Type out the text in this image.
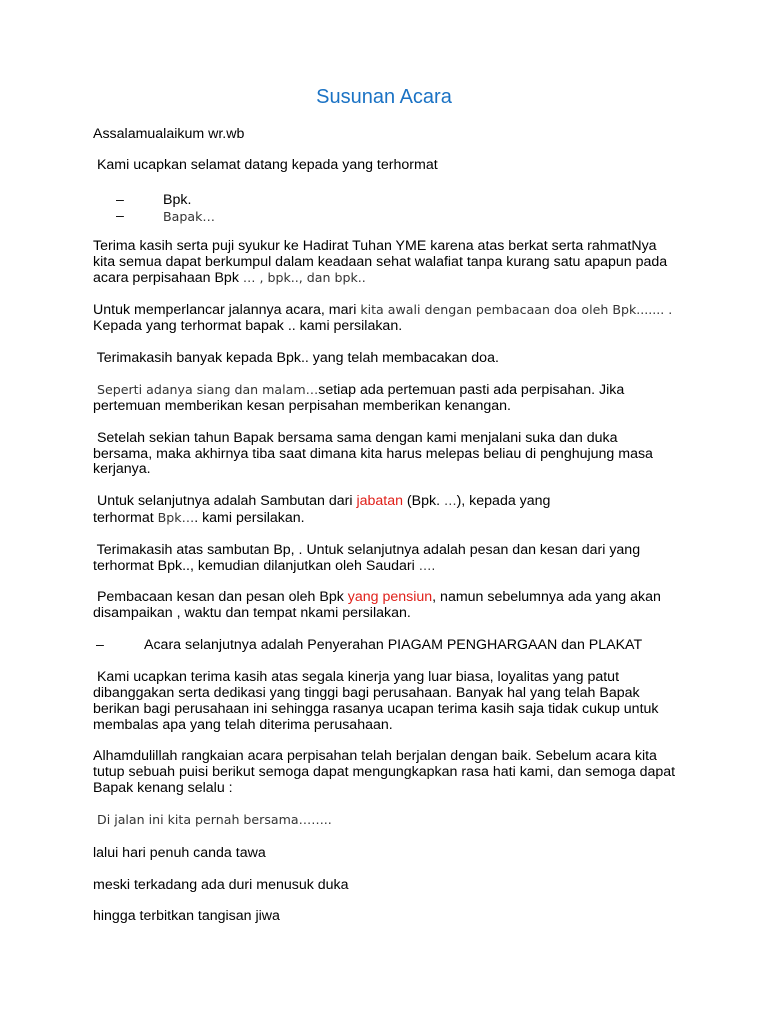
Susunan Acara
Assalamualaikum wr.wb
Kami ucapkan selamat datang kepada yang terhormat
–	Bpk.
–	Bapak…
Terima kasih serta puji syukur ke Hadirat Tuhan YME karena atas berkat serta rahmatNya
kita semua dapat berkumpul dalam keadaan sehat walafiat tanpa kurang satu apapun pada
acara perpisahaan Bpk … , bpk.., dan bpk..
Untuk memperlancar jalannya acara, mari kita awali dengan pembacaan doa oleh Bpk....... .
Kepada yang terhormat bapak .. kami persilakan.
Terimakasih banyak kepada Bpk.. yang telah membacakan doa.
Seperti adanya siang dan malam…setiap ada pertemuan pasti ada perpisahan. Jika
pertemuan memberikan kesan perpisahan memberikan kenangan.
Setelah sekian tahun Bapak bersama sama dengan kami menjalani suka dan duka
bersama, maka akhirnya tiba saat dimana kita harus melepas beliau di penghujung masa
kerjanya.
Untuk selanjutnya adalah Sambutan dari jabatan (Bpk. …), kepada yang
terhormat Bpk…. kami persilakan.
Terimakasih atas sambutan Bp, . Untuk selanjutnya adalah pesan dan kesan dari yang
terhormat Bpk.., kemudian dilanjutkan oleh Saudari ….
Pembacaan kesan dan pesan oleh Bpk yang pensiun, namun sebelumnya ada yang akan
disampaikan , waktu dan tempat nkami persilakan.
–	Acara selanjutnya adalah Penyerahan PIAGAM PENGHARGAAN dan PLAKAT
Kami ucapkan terima kasih atas segala kinerja yang luar biasa, loyalitas yang patut
dibanggakan serta dedikasi yang tinggi bagi perusahaan. Banyak hal yang telah Bapak
berikan bagi perusahaan ini sehingga rasanya ucapan terima kasih saja tidak cukup untuk
membalas apa yang telah diterima perusahaan.
Alhamdulillah rangkaian acara perpisahan telah berjalan dengan baik. Sebelum acara kita
tutup sebuah puisi berikut semoga dapat mengungkapkan rasa hati kami, dan semoga dapat
Bapak kenang selalu :
Di jalan ini kita pernah bersama……..
lalui hari penuh canda tawa
meski terkadang ada duri menusuk duka
hingga terbitkan tangisan jiwa
